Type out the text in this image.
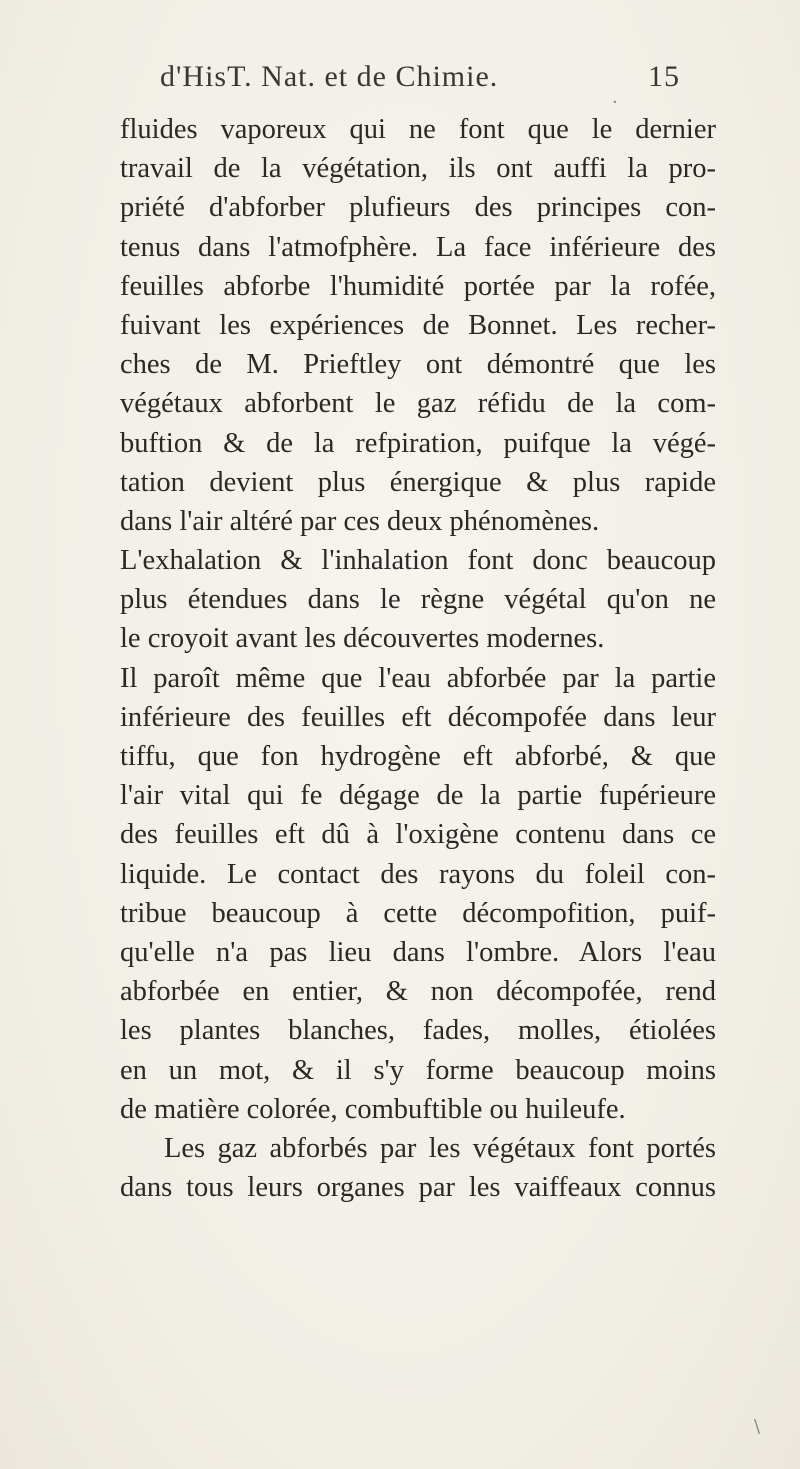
d'HisT. Nat. et de Chimie.	15
fluides vaporeux qui ne font que le dernier
travail de la végétation, ils ont auffi la pro-
priété d'abforber plufieurs des principes con-
tenus dans l'atmofphère. La face inférieure des
feuilles abforbe l'humidité portée par la rofée,
fuivant les expériences de Bonnet. Les recher-
ches de M. Prieftley ont démontré que les
végétaux abforbent le gaz réfidu de la com-
buftion & de la refpiration, puifque la végé-
tation devient plus énergique & plus rapide
dans l'air altéré par ces deux phénomènes.
L'exhalation & l'inhalation font donc beaucoup
plus étendues dans le règne végétal qu'on ne
le croyoit avant les découvertes modernes.
Il paroît même que l'eau abforbée par la partie
inférieure des feuilles eft décompofée dans leur
tiffu, que fon hydrogène eft abforbé, & que
l'air vital qui fe dégage de la partie fupérieure
des feuilles eft dû à l'oxigène contenu dans ce
liquide. Le contact des rayons du foleil con-
tribue beaucoup à cette décompofition, puif-
qu'elle n'a pas lieu dans l'ombre. Alors l'eau
abforbée en entier, & non décompofée, rend
les plantes blanches, fades, molles, étiolées
en un mot, & il s'y forme beaucoup moins
de matière colorée, combuftible ou huileufe.
Les gaz abforbés par les végétaux font portés
dans tous leurs organes par les vaiffeaux connus
·
\
